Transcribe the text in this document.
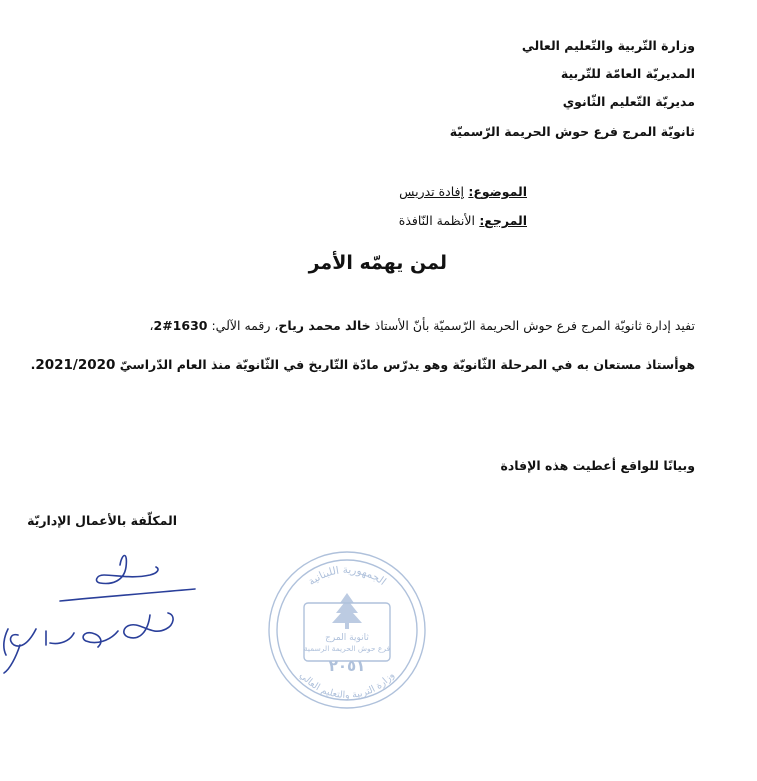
وزارة التّربية والتّعليم العالي
المديريّة العامّة للتّربية
مديريّة التّعليم الثّانوي
ثانويّة المرج فرع حوش الحريمة الرّسميّة
الموضوع: إفادة تدريس
المرجع: الأنظمة النّافذة
لمن يهمّه الأمر
تفيد إدارة ثانويّة المرج فرع حوش الحريمة الرّسميّة بأنّ الأستاذ خالد محمد رياح، رقمه الآلي: 2#1630،
هوأستاذ مستعان به في المرحلة الثّانويّة وهو يدرّس مادّة التّاريخ في الثّانويّة منذ العام الدّراسيّ 2021/2020.
وبيانًا للواقع أعطيت هذه الإفادة
المكلّفة بالأعمال الإداريّة
الجمهورية اللبنانية
وزارة التربية والتعليم العالي
ثانوية المرج
فرع حوش الحريمة الرسمية
٢٠٥١
